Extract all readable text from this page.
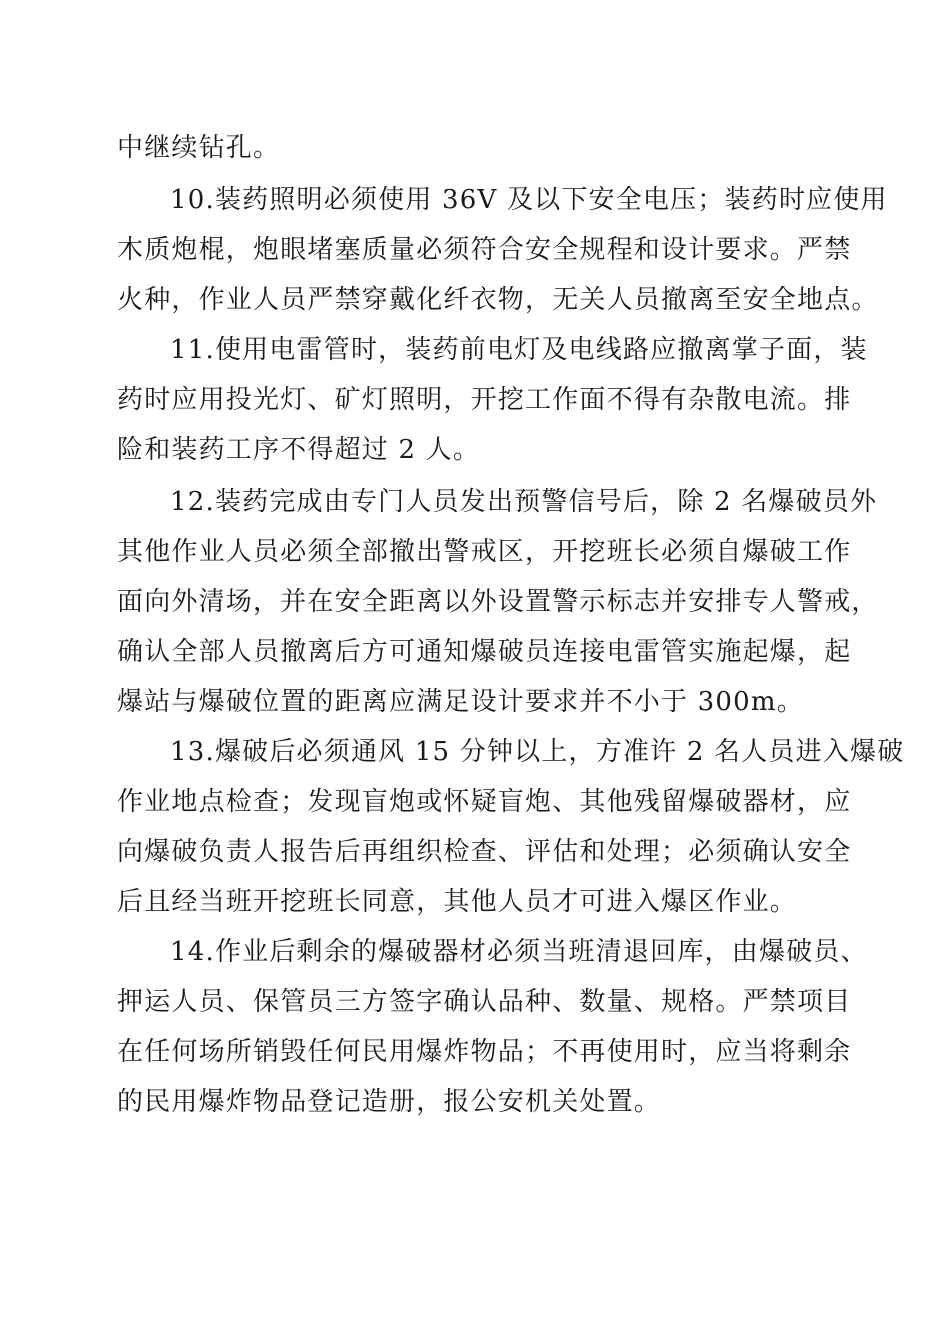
中继续钻孔。
10.装药照明必须使用 36V 及以下安全电压；装药时应使用
木质炮棍，炮眼堵塞质量必须符合安全规程和设计要求。严禁
火种，作业人员严禁穿戴化纤衣物，无关人员撤离至安全地点。
11.使用电雷管时，装药前电灯及电线路应撤离掌子面，装
药时应用投光灯、矿灯照明，开挖工作面不得有杂散电流。排
险和装药工序不得超过 2 人。
12.装药完成由专门人员发出预警信号后，除 2 名爆破员外
其他作业人员必须全部撤出警戒区，开挖班长必须自爆破工作
面向外清场，并在安全距离以外设置警示标志并安排专人警戒，
确认全部人员撤离后方可通知爆破员连接电雷管实施起爆，起
爆站与爆破位置的距离应满足设计要求并不小于 300m。
13.爆破后必须通风 15 分钟以上，方准许 2 名人员进入爆破
作业地点检查；发现盲炮或怀疑盲炮、其他残留爆破器材，应
向爆破负责人报告后再组织检查、评估和处理；必须确认安全
后且经当班开挖班长同意，其他人员才可进入爆区作业。
14.作业后剩余的爆破器材必须当班清退回库，由爆破员、
押运人员、保管员三方签字确认品种、数量、规格。严禁项目
在任何场所销毁任何民用爆炸物品；不再使用时，应当将剩余
的民用爆炸物品登记造册，报公安机关处置。
